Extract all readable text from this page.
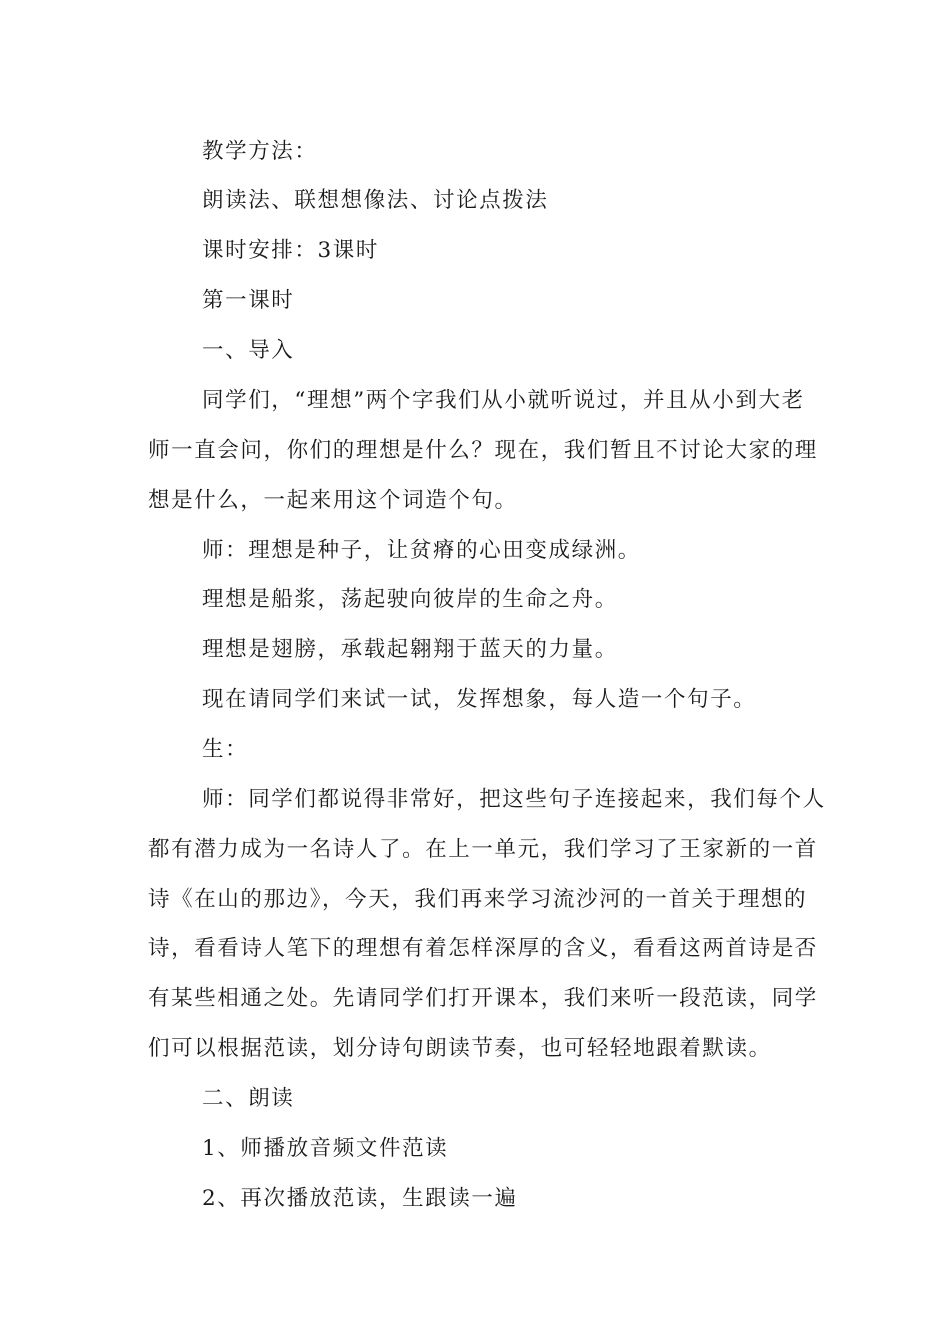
教学方法：
朗读法、联想想像法、讨论点拨法
课时安排：3课时
第一课时
一、导入
同学们，“理想”两个字我们从小就听说过，并且从小到大老
师一直会问，你们的理想是什么？现在，我们暂且不讨论大家的理
想是什么，一起来用这个词造个句。
师：理想是种子，让贫瘠的心田变成绿洲。
理想是船浆，荡起驶向彼岸的生命之舟。
理想是翅膀，承载起翱翔于蓝天的力量。
现在请同学们来试一试，发挥想象，每人造一个句子。
生：
师：同学们都说得非常好，把这些句子连接起来，我们每个人
都有潜力成为一名诗人了。在上一单元，我们学习了王家新的一首
诗《在山的那边》，今天，我们再来学习流沙河的一首关于理想的
诗，看看诗人笔下的理想有着怎样深厚的含义，看看这两首诗是否
有某些相通之处。先请同学们打开课本，我们来听一段范读，同学
们可以根据范读，划分诗句朗读节奏，也可轻轻地跟着默读。
二、朗读
1、师播放音频文件范读
2、再次播放范读，生跟读一遍
